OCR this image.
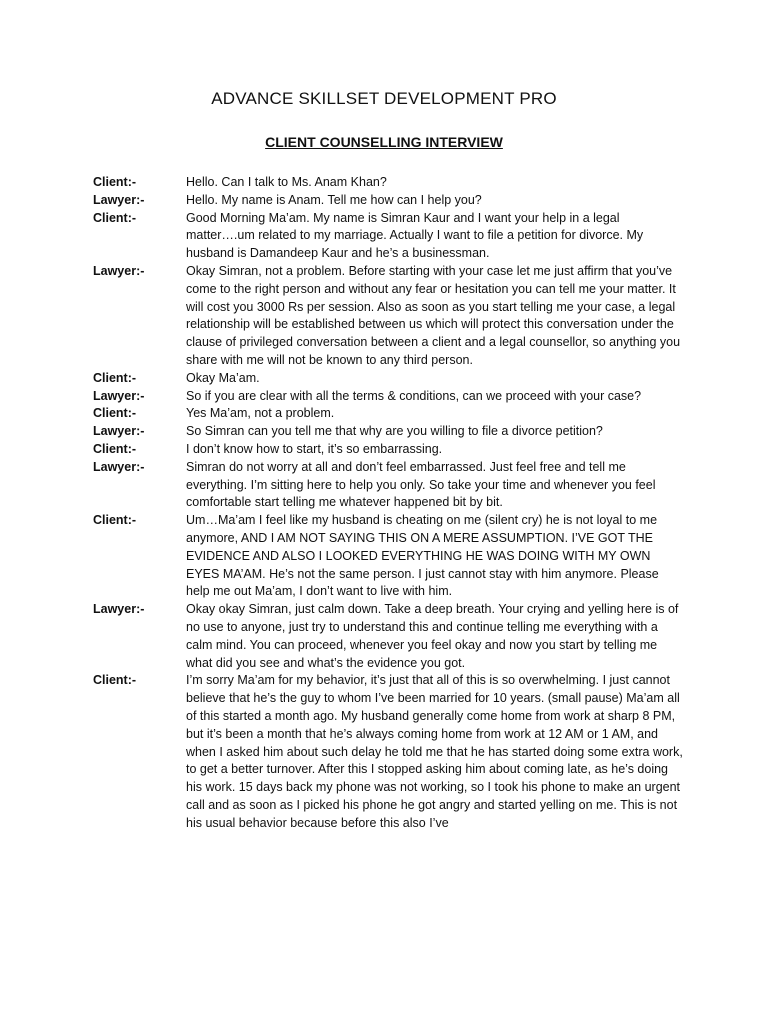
ADVANCE SKILLSET DEVELOPMENT PRO
CLIENT COUNSELLING INTERVIEW
Client:-	Hello. Can I talk to Ms. Anam Khan?

Lawyer:-	Hello. My name is Anam. Tell me how can I help you?

Client:-	Good Morning Ma’am. My name is Simran Kaur and I want your help in a legal matter….um related to my marriage. Actually I want to file a petition for divorce. My husband is Damandeep Kaur and he’s a businessman.

Lawyer:-	Okay Simran, not a problem. Before starting with your case let me just affirm that you’ve come to the right person and without any fear or hesitation you can tell me your matter. It will cost you 3000 Rs per session. Also as soon as you start telling me your case, a legal relationship will be established between us which will protect this conversation under the clause of privileged conversation between a client and a legal counsellor, so anything you share with me will not be known to any third person.

Client:-	Okay Ma’am.

Lawyer:-	So if you are clear with all the terms & conditions, can we proceed with your case?

Client:-	Yes Ma’am, not a problem.

Lawyer:-	So Simran can you tell me that why are you willing to file a divorce petition?

Client:-	I don’t know how to start, it’s so embarrassing.

Lawyer:-	Simran do not worry at all and don’t feel embarrassed. Just feel free and tell me everything. I’m sitting here to help you only. So take your time and whenever you feel comfortable start telling me whatever happened bit by bit.

Client:-	Um…Ma’am I feel like my husband is cheating on me (silent cry) he is not loyal to me anymore, AND I AM NOT SAYING THIS ON A MERE ASSUMPTION. I’VE GOT THE EVIDENCE AND ALSO I LOOKED EVERYTHING HE WAS DOING WITH MY OWN EYES MA’AM. He’s not the same person. I just cannot stay with him anymore. Please help me out Ma’am, I don’t want to live with him.

Lawyer:-	Okay okay Simran, just calm down. Take a deep breath. Your crying and yelling here is of no use to anyone, just try to understand this and continue telling me everything with a calm mind. You can proceed, whenever you feel okay and now you start by telling me what did you see and what’s the evidence you got.

Client:-	I’m sorry Ma’am for my behavior, it’s just that all of this is so overwhelming. I just cannot believe that he’s the guy to whom I’ve been married for 10 years. (small pause) Ma’am all of this started a month ago. My husband generally come home from work at sharp 8 PM, but it’s been a month that he’s always coming home from work at 12 AM or 1 AM, and when I asked him about such delay he told me that he has started doing some extra work, to get a better turnover. After this I stopped asking him about coming late, as he’s doing his work. 15 days back my phone was not working, so I took his phone to make an urgent call and as soon as I picked his phone he got angry and started yelling on me. This is not his usual behavior because before this also I’ve
